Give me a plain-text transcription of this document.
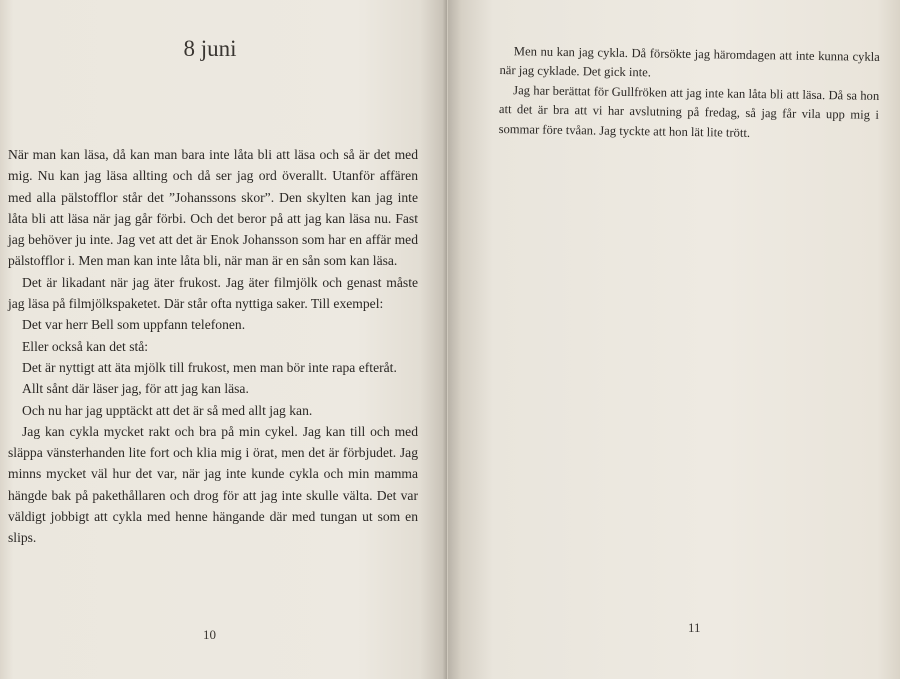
8 juni

När man kan läsa, då kan man bara inte låta bli att läsa och så är det med mig. Nu kan jag läsa allting och då ser jag ord överallt. Utanför affären med alla pälstofflor står det ”Johanssons skor”. Den skylten kan jag inte låta bli att läsa när jag går förbi. Och det beror på att jag kan läsa nu. Fast jag behöver ju inte. Jag vet att det är Enok Johansson som har en affär med pälstofflor i. Men man kan inte låta bli, när man är en sån som kan läsa.

Det är likadant när jag äter frukost. Jag äter filmjölk och genast måste jag läsa på filmjölkspaketet. Där står ofta nyttiga saker. Till exempel:

Det var herr Bell som uppfann telefonen.

Eller också kan det stå:

Det är nyttigt att äta mjölk till frukost, men man bör inte rapa efteråt.

Allt sånt där läser jag, för att jag kan läsa.

Och nu har jag upptäckt att det är så med allt jag kan.

Jag kan cykla mycket rakt och bra på min cykel. Jag kan till och med släppa vänsterhanden lite fort och klia mig i örat, men det är förbjudet. Jag minns mycket väl hur det var, när jag inte kunde cykla och min mamma hängde bak på pakethållaren och drog för att jag inte skulle välta. Det var väldigt jobbigt att cykla med henne hängande där med tungan ut som en slips.

10

Men nu kan jag cykla. Då försökte jag häromdagen att inte kunna cykla när jag cyklade. Det gick inte.

Jag har berättat för Gullfröken att jag inte kan låta bli att läsa. Då sa hon att det är bra att vi har avslutning på fredag, så jag får vila upp mig i sommar före tvåan. Jag tyckte att hon lät lite trött.

11
